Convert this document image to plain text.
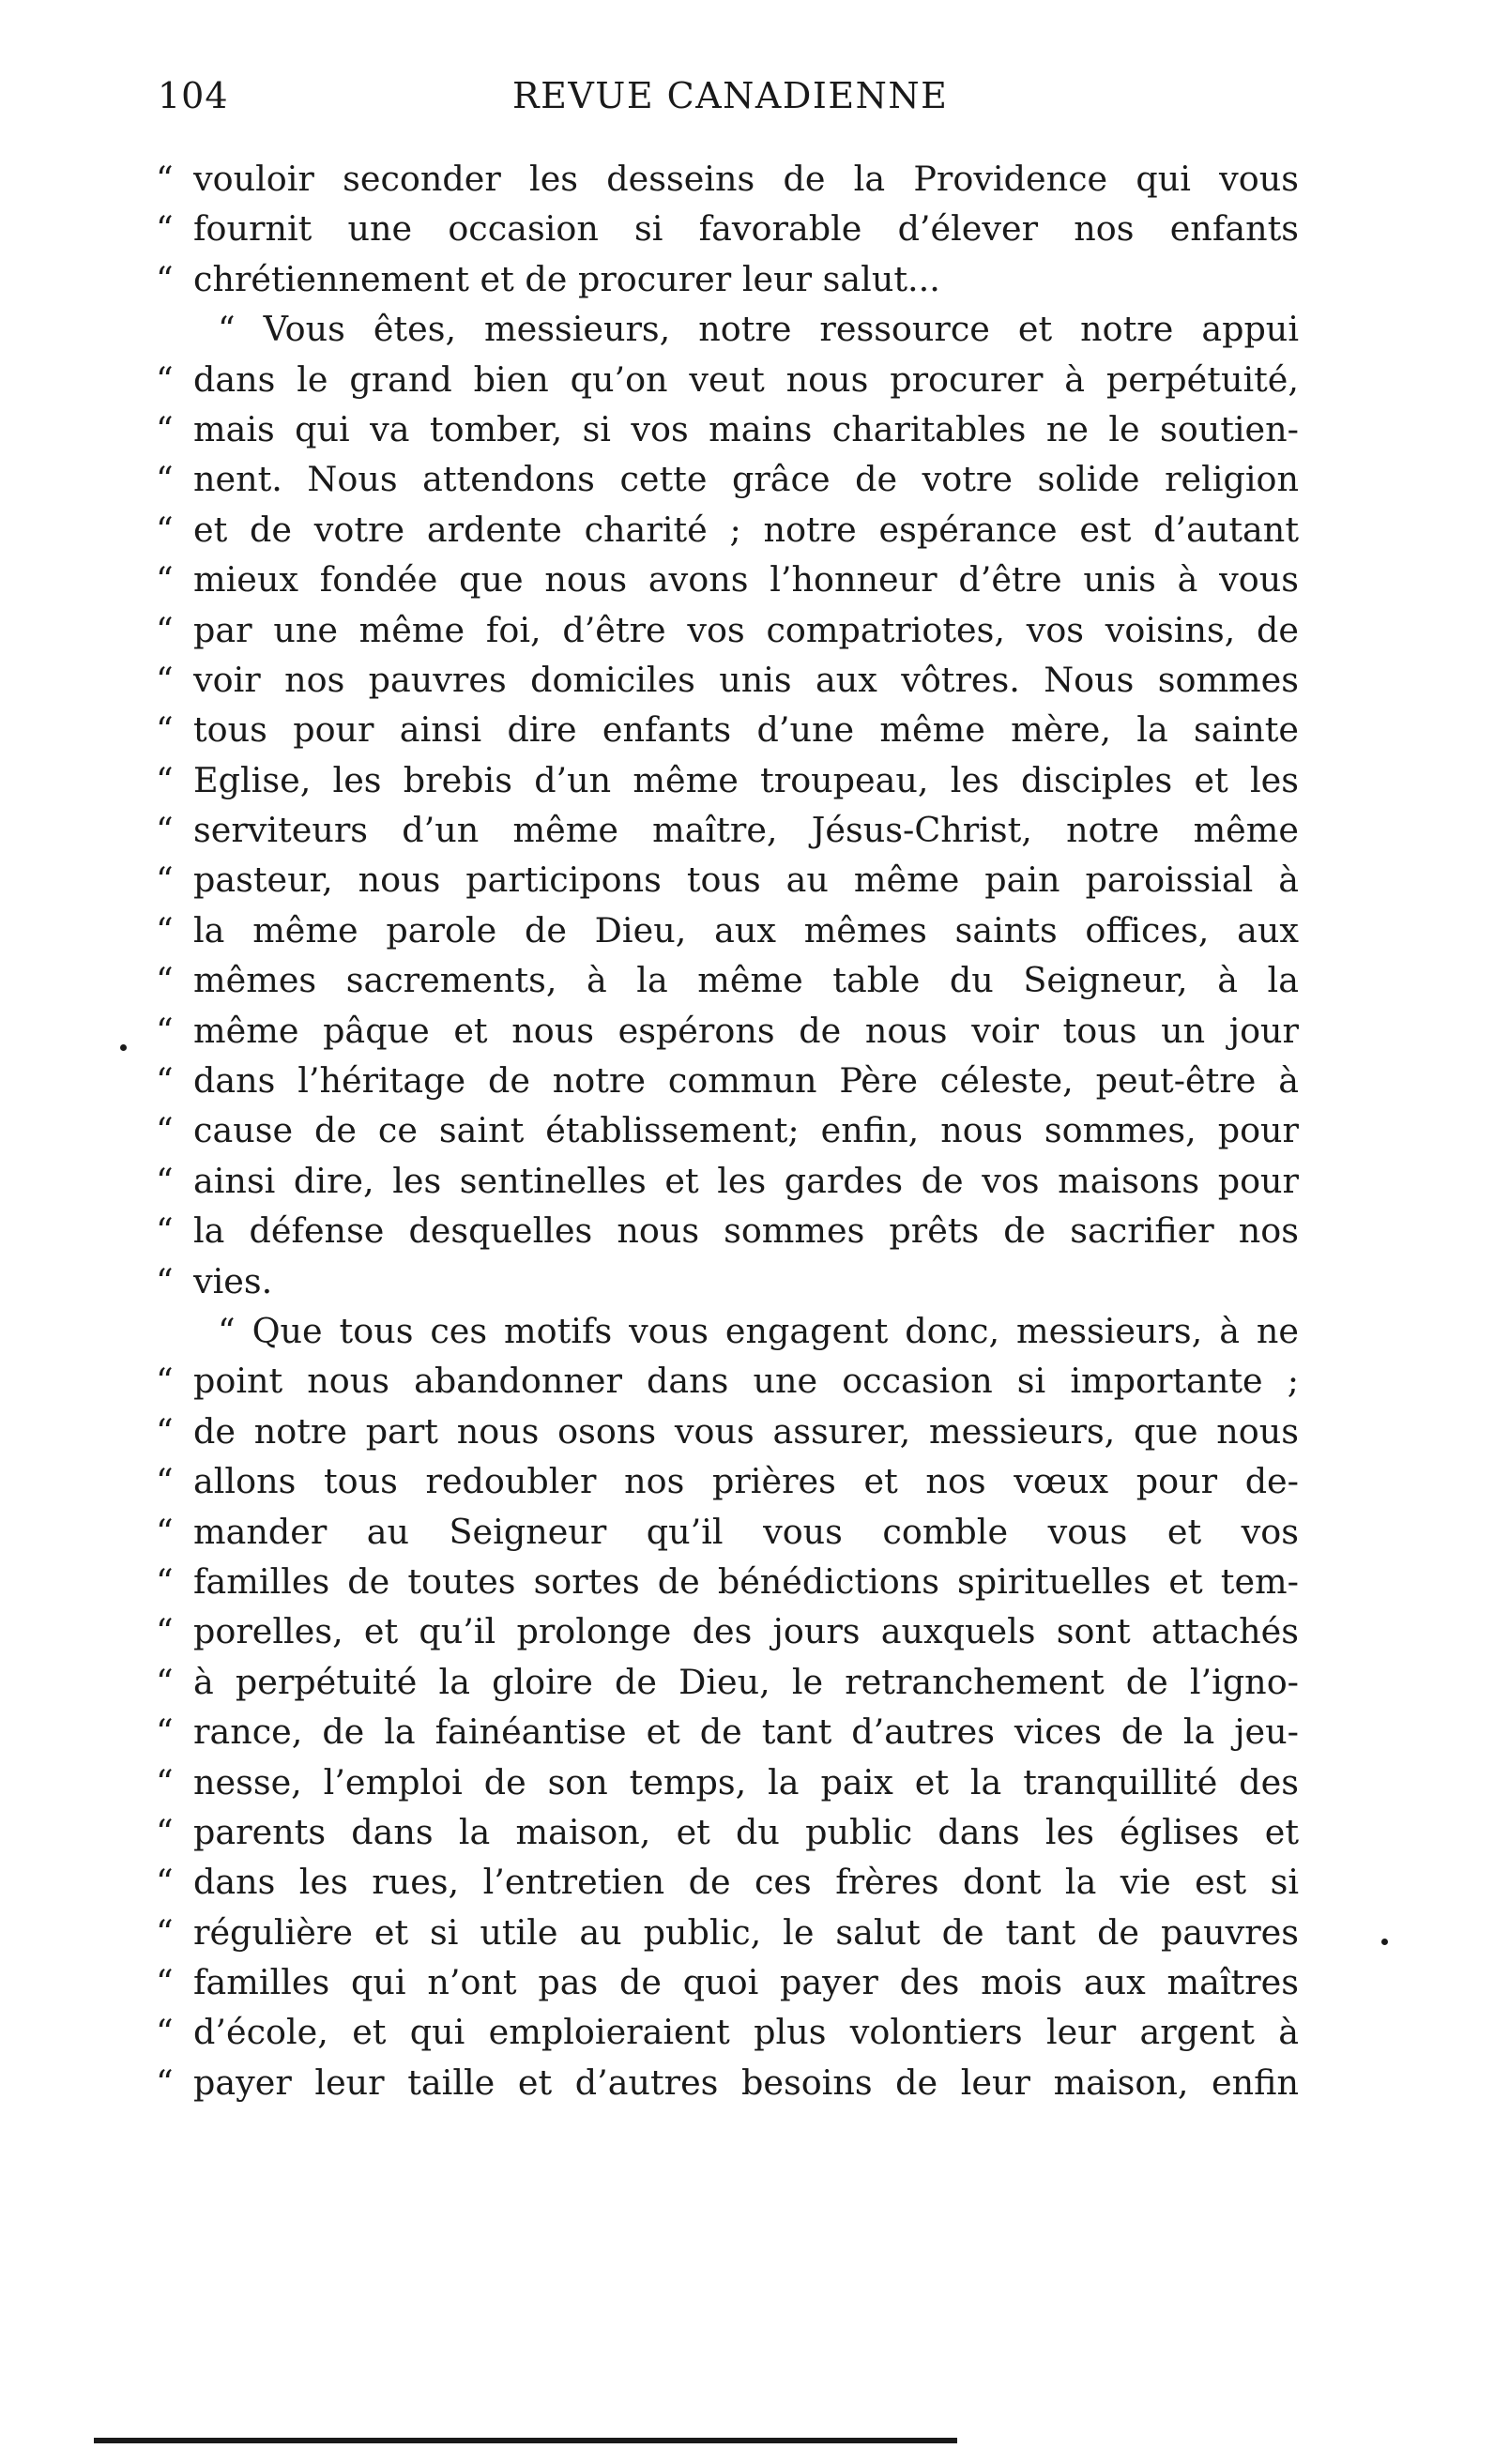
104	REVUE CANADIENNE
“ vouloir seconder les desseins de la Providence qui vous
“ fournit une occasion si favorable d’élever nos enfants
“ chrétiennement et de procurer leur salut...
“ Vous êtes, messieurs, notre ressource et notre appui
“ dans le grand bien qu’on veut nous procurer à perpétuité,
“ mais qui va tomber, si vos mains charitables ne le soutien-
“ nent. Nous attendons cette grâce de votre solide religion
“ et de votre ardente charité ; notre espérance est d’autant
“ mieux fondée que nous avons l’honneur d’être unis à vous
“ par une même foi, d’être vos compatriotes, vos voisins, de
“ voir nos pauvres domiciles unis aux vôtres. Nous sommes
“ tous pour ainsi dire enfants d’une même mère, la sainte
“ Eglise, les brebis d’un même troupeau, les disciples et les
“ serviteurs d’un même maître, Jésus-Christ, notre même
“ pasteur, nous participons tous au même pain paroissial à
“ la même parole de Dieu, aux mêmes saints offices, aux
“ mêmes sacrements, à la même table du Seigneur, à la
“ même pâque et nous espérons de nous voir tous un jour
“ dans l’héritage de notre commun Père céleste, peut-être à
“ cause de ce saint établissement; enfin, nous sommes, pour
“ ainsi dire, les sentinelles et les gardes de vos maisons pour
“ la défense desquelles nous sommes prêts de sacrifier nos
“ vies.
“ Que tous ces motifs vous engagent donc, messieurs, à ne
“ point nous abandonner dans une occasion si importante ;
“ de notre part nous osons vous assurer, messieurs, que nous
“ allons tous redoubler nos prières et nos vœux pour de-
“ mander au Seigneur qu’il vous comble vous et vos
“ familles de toutes sortes de bénédictions spirituelles et tem-
“ porelles, et qu’il prolonge des jours auxquels sont attachés
“ à perpétuité la gloire de Dieu, le retranchement de l’igno-
“ rance, de la fainéantise et de tant d’autres vices de la jeu-
“ nesse, l’emploi de son temps, la paix et la tranquillité des
“ parents dans la maison, et du public dans les églises et
“ dans les rues, l’entretien de ces frères dont la vie est si
“ régulière et si utile au public, le salut de tant de pauvres
“ familles qui n’ont pas de quoi payer des mois aux maîtres
“ d’école, et qui emploieraient plus volontiers leur argent à
“ payer leur taille et d’autres besoins de leur maison, enfin
